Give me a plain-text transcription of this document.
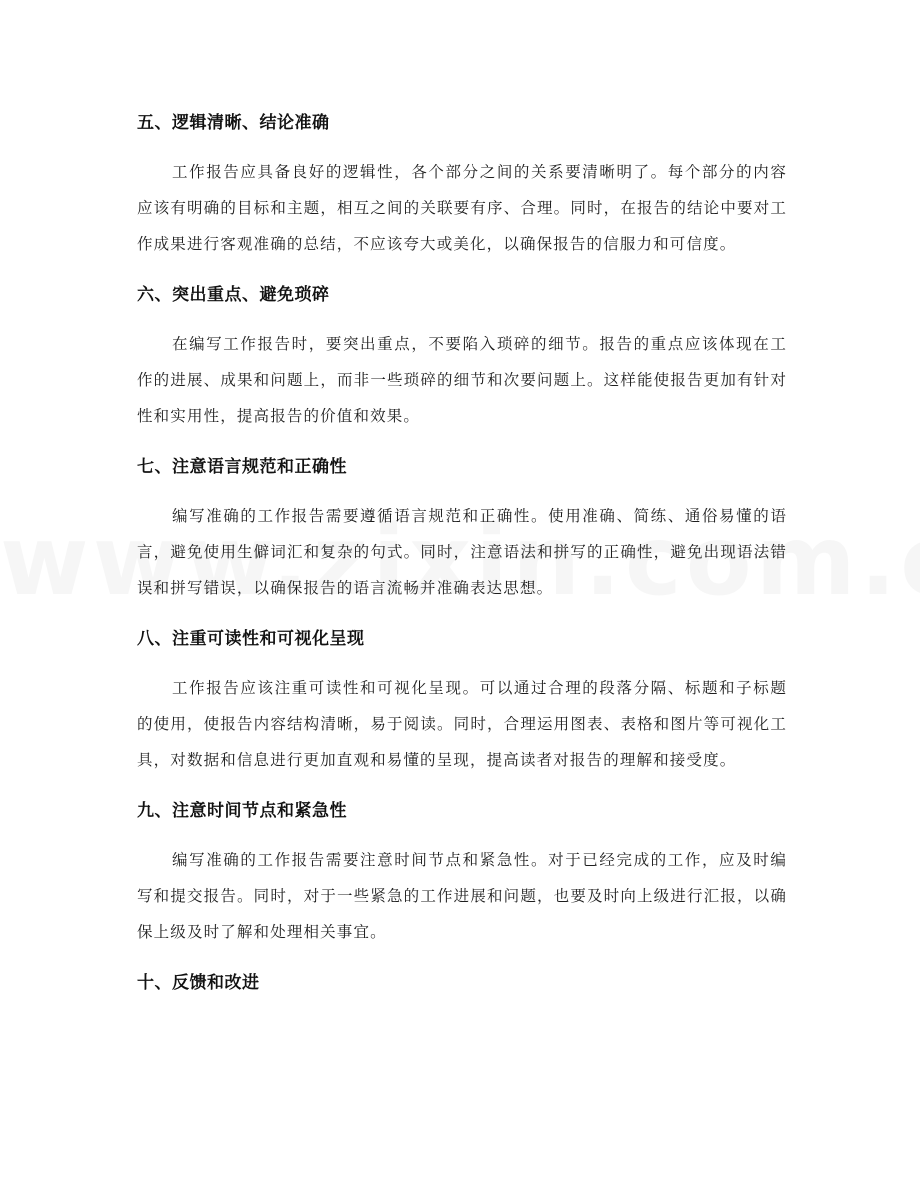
五、逻辑清晰、结论准确

工作报告应具备良好的逻辑性，各个部分之间的关系要清晰明了。每个部分的内容应该有明确的目标和主题，相互之间的关联要有序、合理。同时，在报告的结论中要对工作成果进行客观准确的总结，不应该夸大或美化，以确保报告的信服力和可信度。

六、突出重点、避免琐碎

在编写工作报告时，要突出重点，不要陷入琐碎的细节。报告的重点应该体现在工作的进展、成果和问题上，而非一些琐碎的细节和次要问题上。这样能使报告更加有针对性和实用性，提高报告的价值和效果。

七、注意语言规范和正确性

编写准确的工作报告需要遵循语言规范和正确性。使用准确、简练、通俗易懂的语言，避免使用生僻词汇和复杂的句式。同时，注意语法和拼写的正确性，避免出现语法错误和拼写错误，以确保报告的语言流畅并准确表达思想。

八、注重可读性和可视化呈现

工作报告应该注重可读性和可视化呈现。可以通过合理的段落分隔、标题和子标题的使用，使报告内容结构清晰，易于阅读。同时，合理运用图表、表格和图片等可视化工具，对数据和信息进行更加直观和易懂的呈现，提高读者对报告的理解和接受度。

九、注意时间节点和紧急性

编写准确的工作报告需要注意时间节点和紧急性。对于已经完成的工作，应及时编写和提交报告。同时，对于一些紧急的工作进展和问题，也要及时向上级进行汇报，以确保上级及时了解和处理相关事宜。

十、反馈和改进
